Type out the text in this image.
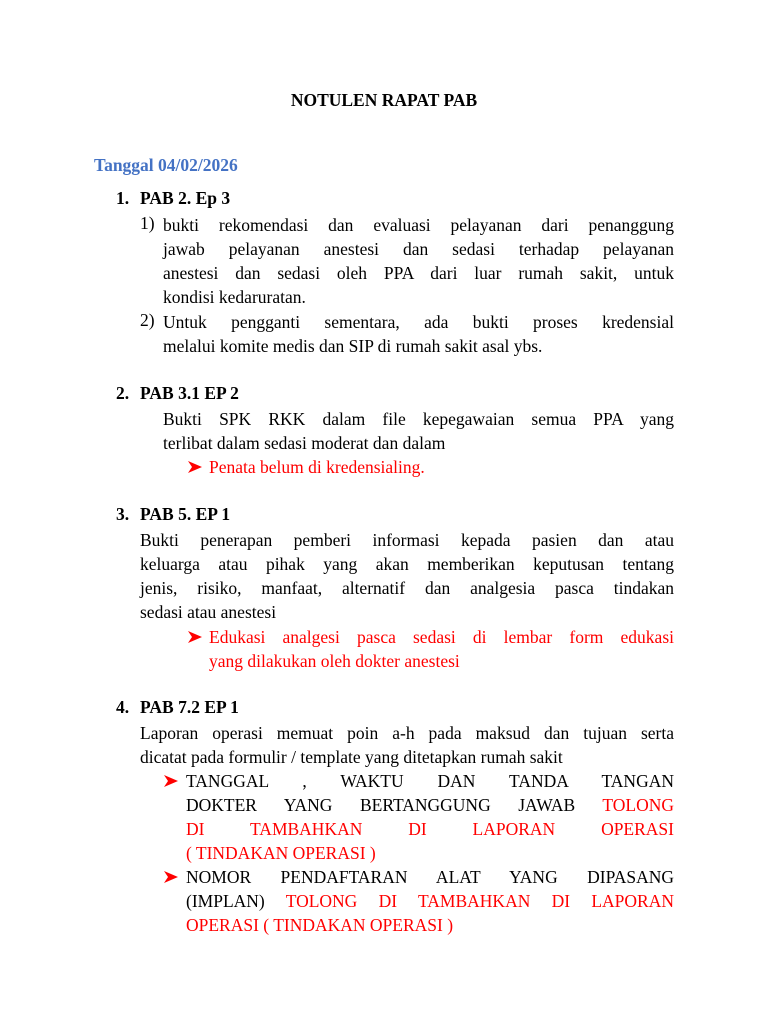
NOTULEN RAPAT PAB
Tanggal 04/02/2026
1. PAB 2. Ep 3
1) bukti rekomendasi dan evaluasi pelayanan dari penanggung
jawab pelayanan anestesi dan sedasi terhadap pelayanan
anestesi dan sedasi oleh PPA dari luar rumah sakit, untuk
kondisi kedaruratan.
2) Untuk pengganti sementara, ada bukti proses kredensial
melalui komite medis dan SIP di rumah sakit asal ybs.
2. PAB 3.1 EP 2
Bukti SPK RKK dalam file kepegawaian semua PPA yang
terlibat dalam sedasi moderat dan dalam
Penata belum di kredensialing.
3. PAB 5. EP 1
Bukti penerapan pemberi informasi kepada pasien dan atau
keluarga atau pihak yang akan memberikan keputusan tentang
jenis, risiko, manfaat, alternatif dan analgesia pasca tindakan
sedasi atau anestesi
Edukasi analgesi pasca sedasi di lembar form edukasi
yang dilakukan oleh dokter anestesi
4. PAB 7.2 EP 1
Laporan operasi memuat poin a-h pada maksud dan tujuan serta
dicatat pada formulir / template yang ditetapkan rumah sakit
TANGGAL , WAKTU DAN TANDA TANGAN
DOKTER YANG BERTANGGUNG JAWAB TOLONG
DI TAMBAHKAN DI LAPORAN OPERASI
( TINDAKAN OPERASI )
NOMOR PENDAFTARAN ALAT YANG DIPASANG
(IMPLAN) TOLONG DI TAMBAHKAN DI LAPORAN
OPERASI ( TINDAKAN OPERASI )
